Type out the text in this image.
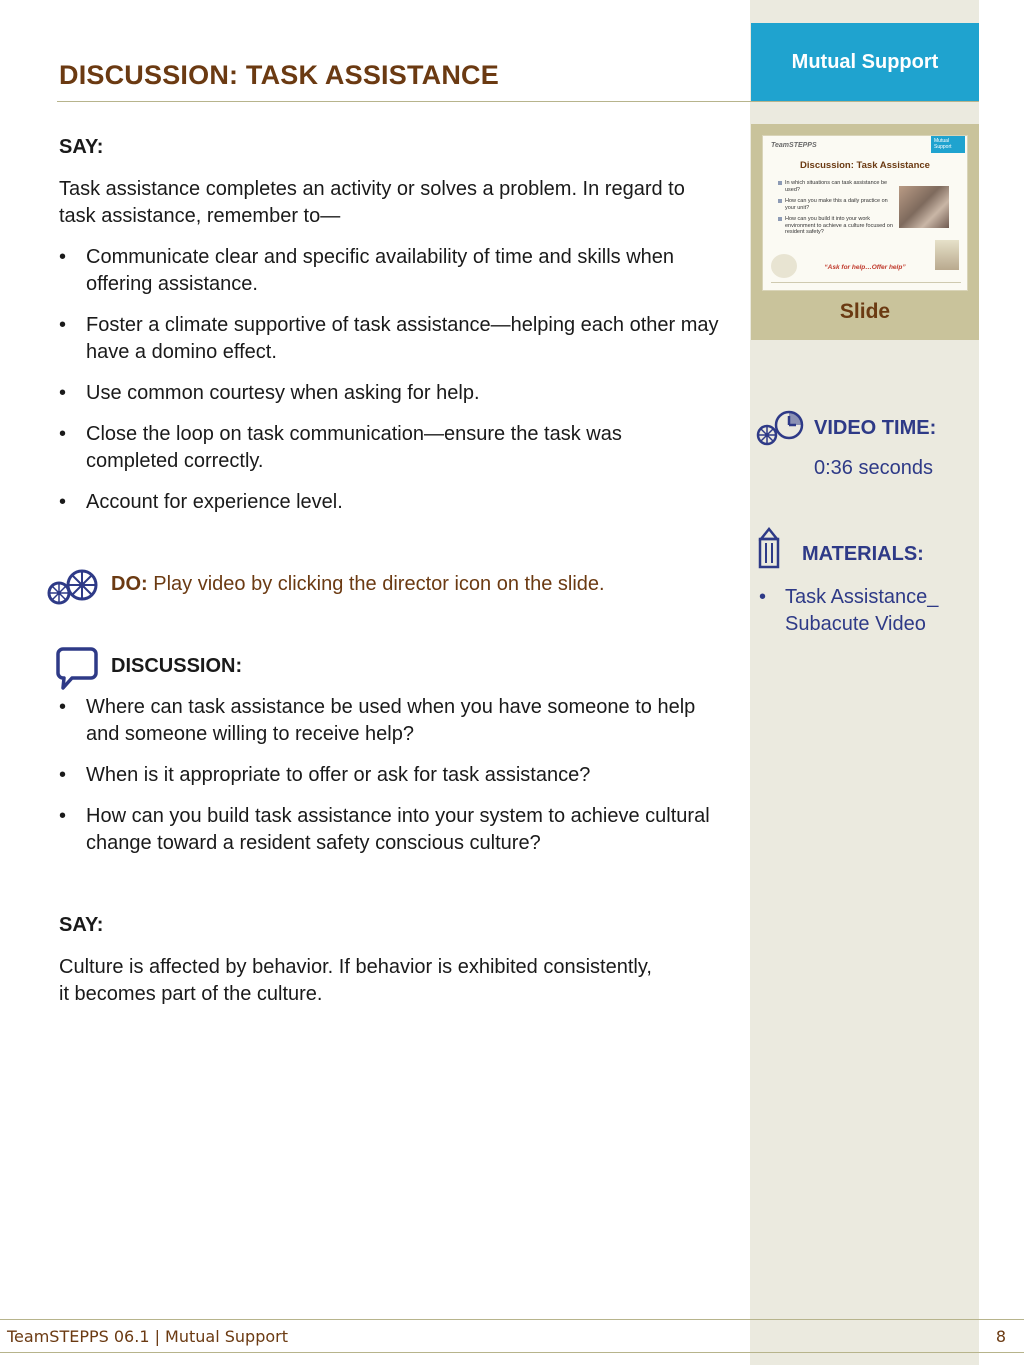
Mutual Support
TeamSTEPPS
Mutual Support
Discussion: Task Assistance
In which situations can task assistance be used?
How can you make this a daily practice on your unit?
How can you build it into your work environment to achieve a culture focused on resident safety?
“Ask for help…Offer help”
Slide
VIDEO TIME:
0:36 seconds
MATERIALS:
• Task Assistance_ Subacute Video
DISCUSSION: TASK ASSISTANCE
SAY:

Task assistance completes an activity or solves a problem. In regard to task assistance, remember to—

• Communicate clear and specific availability of time and skills when offering assistance.
• Foster a climate supportive of task assistance—helping each other may have a domino effect.
• Use common courtesy when asking for help.
• Close the loop on task communication—ensure the task was completed correctly.
• Account for experience level.
DO: Play video by clicking the director icon on the slide.
DISCUSSION:
• Where can task assistance be used when you have someone to help and someone willing to receive help?
• When is it appropriate to offer or ask for task assistance?
• How can you build task assistance into your system to achieve cultural change toward a resident safety conscious culture?
SAY:

Culture is affected by behavior. If behavior is exhibited consistently, it becomes part of the culture.

TeamSTEPPS 06.1 | Mutual Support	8
